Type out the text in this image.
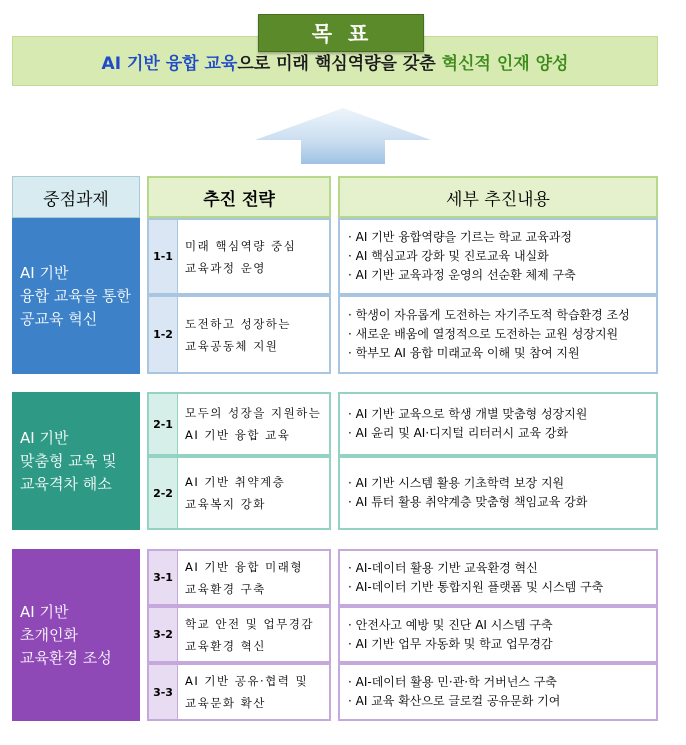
목표
AI 기반 융합 교육 으로 미래 핵심역량을 갖춘 혁신적 인재 양성
중점과제	추진 전략	세부 추진내용
AI 기반
융합 교육을 통한
공교육 혁신
1-1
미래 핵심역량 중심
교육과정 운영
1-2
도전하고 성장하는
교육공동체 지원
· AI 기반 융합역량을 기르는 학교 교육과정
· AI 핵심교과 강화 및 진로교육 내실화
· AI 기반 교육과정 운영의 선순환 체제 구축
· 학생이 자유롭게 도전하는 자기주도적 학습환경 조성
· 새로운 배움에 열정적으로 도전하는 교원 성장지원
· 학부모 AI 융합 미래교육 이해 및 참여 지원
AI 기반
맞춤형 교육 및
교육격차 해소
2-1
모두의 성장을 지원하는
AI 기반 융합 교육
2-2
AI 기반 취약계층
교육복지 강화
· AI 기반 교육으로 학생 개별 맞춤형 성장지원
· AI 윤리 및 AI·디지털 리터러시 교육 강화
· AI 기반 시스템 활용 기초학력 보장 지원
· AI 튜터 활용 취약계층 맞춤형 책임교육 강화
AI 기반
초개인화
교육환경 조성
3-1
AI 기반 융합 미래형
교육환경 구축
3-2
학교 안전 및 업무경감
교육환경 혁신
3-3
AI 기반 공유·협력 및
교육문화 확산
· AI-데이터 활용 기반 교육환경 혁신
· AI-데이터 기반 통합지원 플랫폼 및 시스템 구축
· 안전사고 예방 및 진단 AI 시스템 구축
· AI 기반 업무 자동화 및 학교 업무경감
· AI-데이터 활용 민·관·학 거버넌스 구축
· AI 교육 확산으로 글로컬 공유문화 기여
